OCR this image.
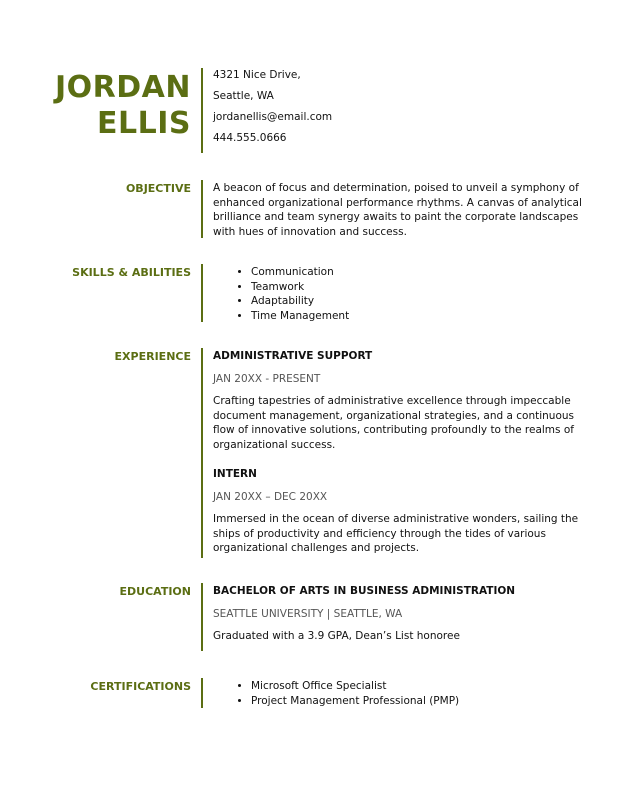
JORDAN
ELLIS
4321 Nice Drive,
Seattle, WA
jordanellis@email.com
444.555.0666
OBJECTIVE A beacon of focus and determination, poised to unveil a symphony of enhanced organizational performance rhythms. A canvas of analytical brilliance and team synergy awaits to paint the corporate landscapes with hues of innovation and success.
SKILLS & ABILITIES	• Communication
• Teamwork
• Adaptability
• Time Management
EXPERIENCE ADMINISTRATIVE SUPPORT
JAN 20XX - PRESENT
Crafting tapestries of administrative excellence through impeccable document management, organizational strategies, and a continuous flow of innovative solutions, contributing profoundly to the realms of organizational success.
INTERN
JAN 20XX – DEC 20XX
Immersed in the ocean of diverse administrative wonders, sailing the ships of productivity and efficiency through the tides of various organizational challenges and projects.
EDUCATION BACHELOR OF ARTS IN BUSINESS ADMINISTRATION
SEATTLE UNIVERSITY | SEATTLE, WA
Graduated with a 3.9 GPA, Dean’s List honoree
CERTIFICATIONS	• Microsoft Office Specialist
• Project Management Professional (PMP)
